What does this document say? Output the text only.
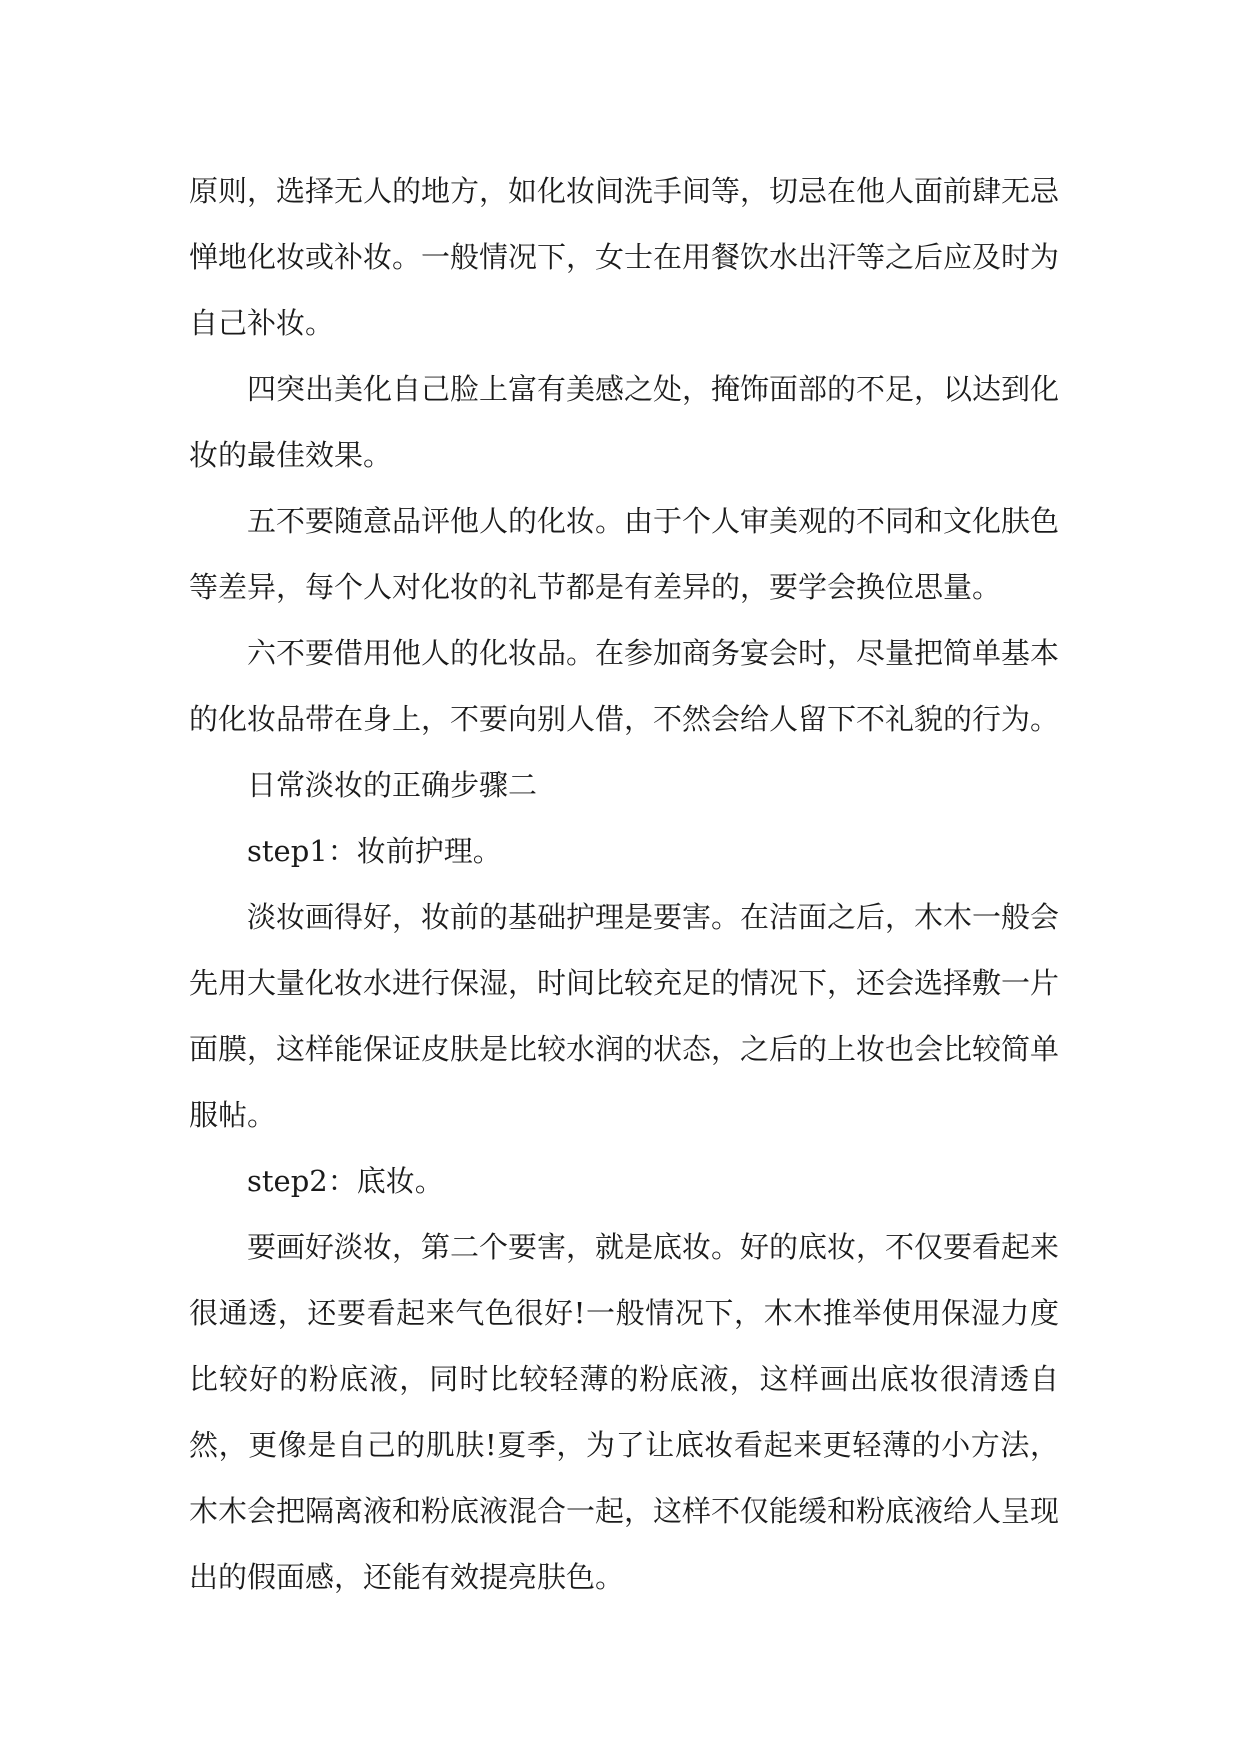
原则，选择无人的地方，如化妆间洗手间等，切忌在他人面前肆无忌惮地化妆或补妆。一般情况下，女士在用餐饮水出汗等之后应及时为自己补妆。

四突出美化自己脸上富有美感之处，掩饰面部的不足，以达到化妆的最佳效果。

五不要随意品评他人的化妆。由于个人审美观的不同和文化肤色等差异，每个人对化妆的礼节都是有差异的，要学会换位思量。

六不要借用他人的化妆品。在参加商务宴会时，尽量把简单基本的化妆品带在身上，不要向别人借，不然会给人留下不礼貌的行为。

日常淡妆的正确步骤二

step1：妆前护理。

淡妆画得好，妆前的基础护理是要害。在洁面之后，木木一般会先用大量化妆水进行保湿，时间比较充足的情况下，还会选择敷一片面膜，这样能保证皮肤是比较水润的状态，之后的上妆也会比较简单服帖。

step2：底妆。

要画好淡妆，第二个要害，就是底妆。好的底妆，不仅要看起来很通透，还要看起来气色很好!一般情况下，木木推举使用保湿力度比较好的粉底液，同时比较轻薄的粉底液，这样画出底妆很清透自然，更像是自己的肌肤!夏季，为了让底妆看起来更轻薄的小方法，木木会把隔离液和粉底液混合一起，这样不仅能缓和粉底液给人呈现出的假面感，还能有效提亮肤色。
